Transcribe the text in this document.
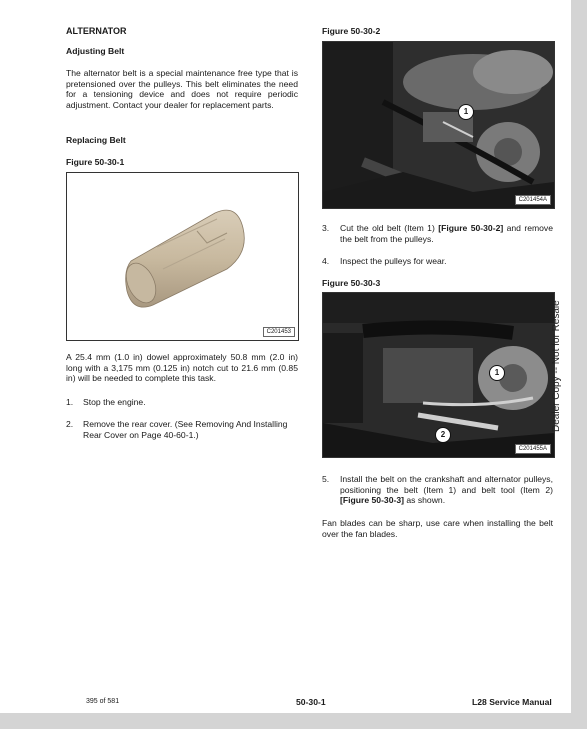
ALTERNATOR
Adjusting Belt
The alternator belt is a special maintenance free type that is pretensioned over the pulleys. This belt eliminates the need for a tensioning device and does not require periodic adjustment. Contact your dealer for replacement parts.
Replacing Belt
Figure 50-30-1
C201453
A 25.4 mm (1.0 in) dowel approximately 50.8 mm (2.0 in) long with a 3,175 mm (0.125 in) notch cut to 21.6 mm (0.85 in) will be needed to complete this task.
1. Stop the engine.
2. Remove the rear cover. (See Removing And Installing Rear Cover on Page 40-60-1.)
Figure 50-30-2
1
C201454A
3. Cut the old belt (Item 1) [Figure 50-30-2] and remove the belt from the pulleys.
4. Inspect the pulleys for wear.
Figure 50-30-3
1
2
C201455A
5. Install the belt on the crankshaft and alternator pulleys, positioning the belt (Item 1) and belt tool (Item 2) [Figure 50-30-3] as shown.
Fan blades can be sharp, use care when installing the belt over the fan blades.
Dealer Copy -- Not for Resale
395 of 581	50-30-1	L28 Service Manual
